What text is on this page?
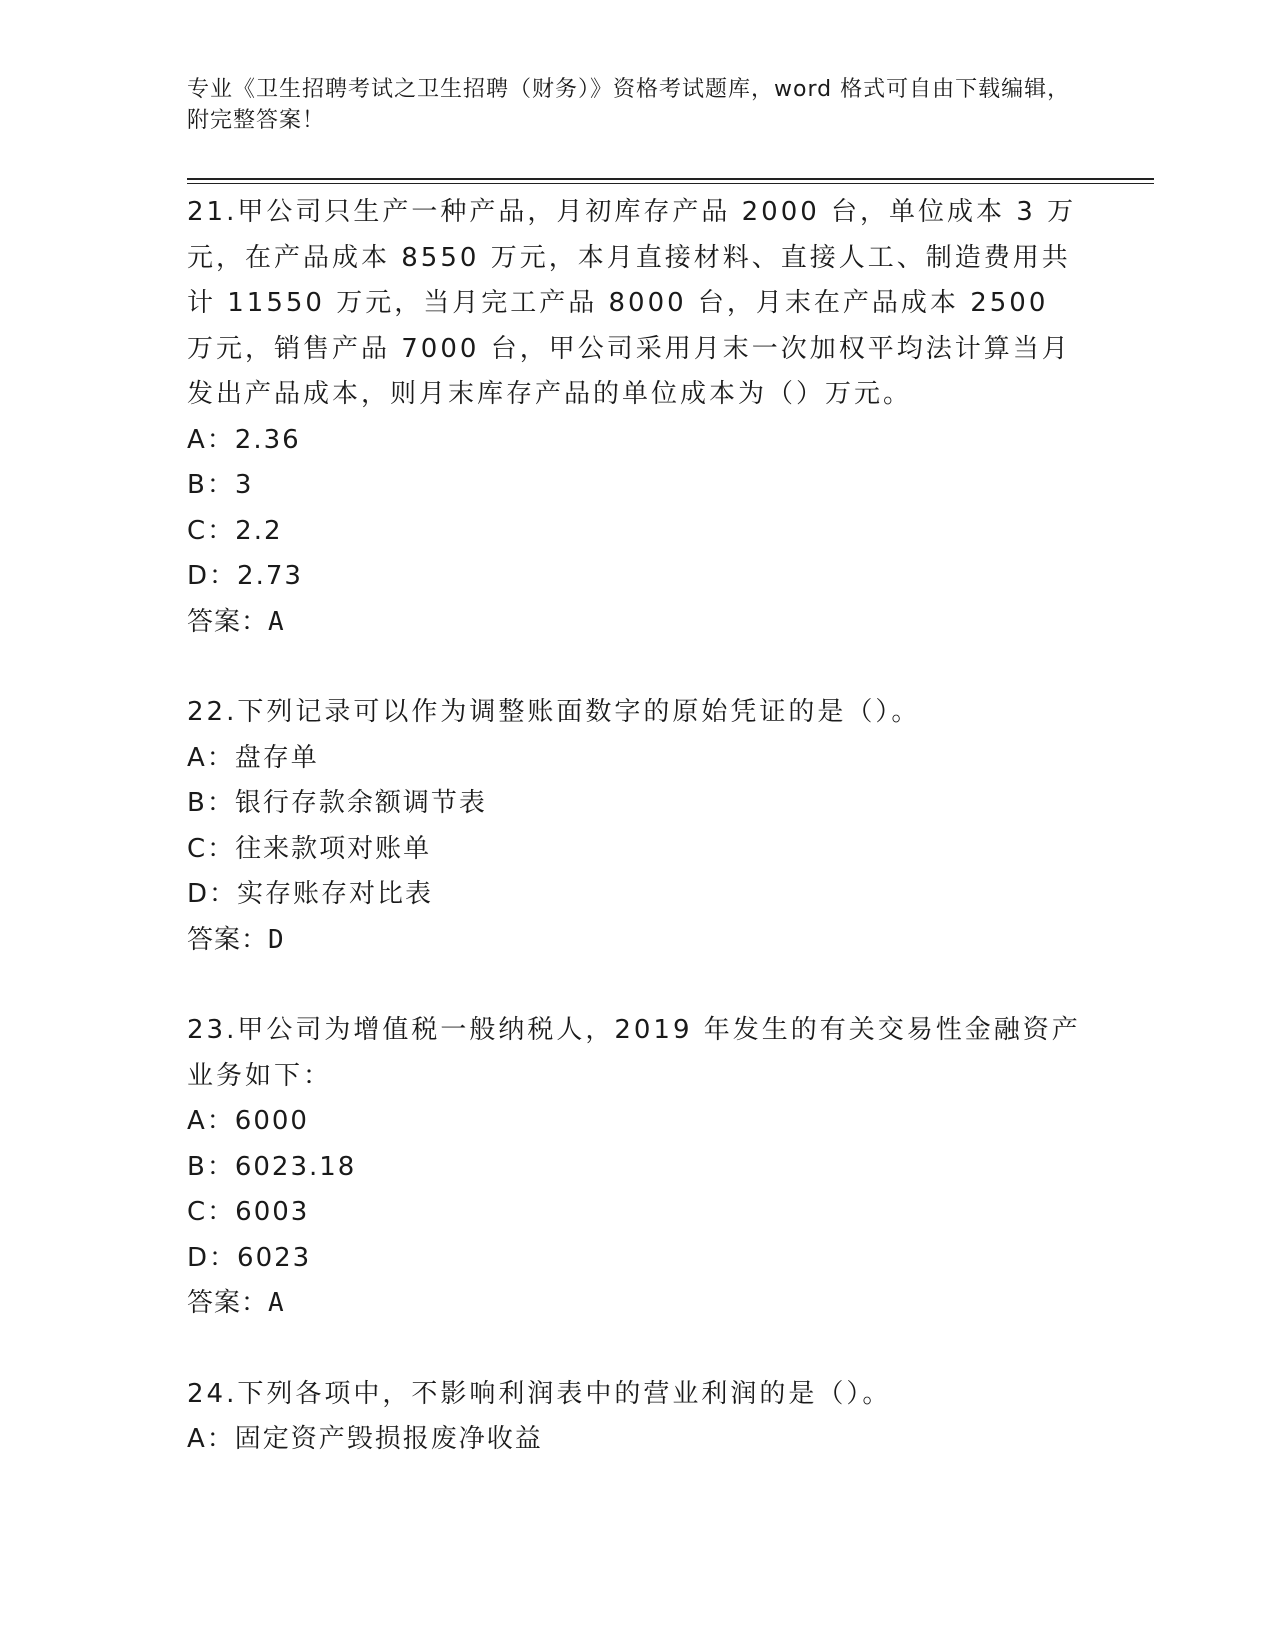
专业《卫生招聘考试之卫生招聘（财务）》资格考试题库，word 格式可自由下载编辑，附完整答案！

21.甲公司只生产一种产品，月初库存产品 2000 台，单位成本 3 万元，在产品成本 8550 万元，本月直接材料、直接人工、制造费用共计 11550 万元，当月完工产品 8000 台，月末在产品成本 2500 万元，销售产品 7000 台，甲公司采用月末一次加权平均法计算当月发出产品成本，则月末库存产品的单位成本为（）万元。

A：2.36

B：3

C：2.2

D：2.73

答案：A

22.下列记录可以作为调整账面数字的原始凭证的是（）。

A：盘存单

B：银行存款余额调节表

C：往来款项对账单

D：实存账存对比表

答案：D

23.甲公司为增值税一般纳税人，2019 年发生的有关交易性金融资产业务如下：

A：6000

B：6023.18

C：6003

D：6023

答案：A

24.下列各项中，不影响利润表中的营业利润的是（）。

A：固定资产毁损报废净收益
